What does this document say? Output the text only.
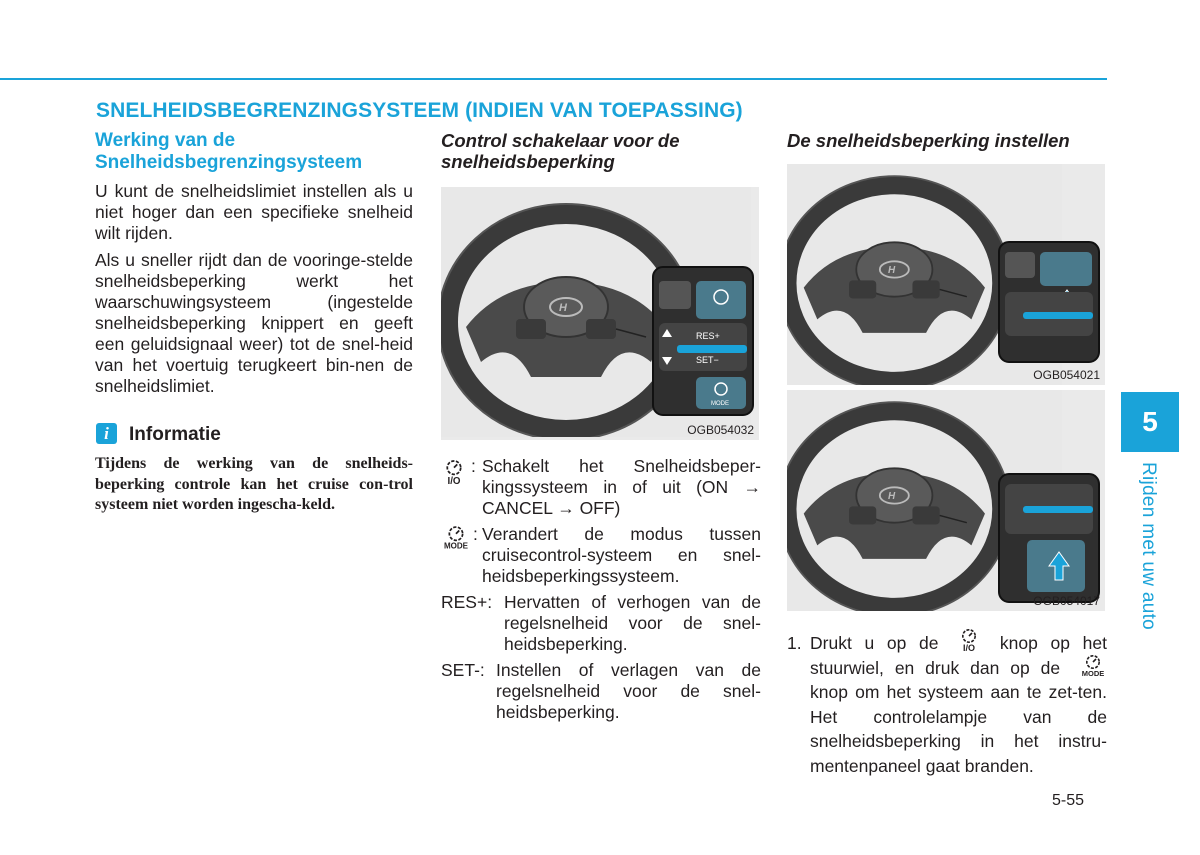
SNELHEIDSBEGRENZINGSYSTEEM (INDIEN VAN TOEPASSING)
Werking van de Snelheidsbegrenzingsysteem

U kunt de snelheidslimiet instellen als u niet hoger dan een specifieke snelheid wilt rijden.

Als u sneller rijdt dan de vooringe-stelde snelheidsbeperking werkt het waarschuwingsysteem (ingestelde snelheidsbeperking knippert en geeft een geluidsignaal weer) tot de snel-heid van het voertuig terugkeert bin-nen de snelheidslimiet.

i	Informatie
Tijdens de werking van de snelheids-beperking controle kan het cruise con-trol systeem niet worden ingescha-keld.
Control schakelaar voor de snelheidsbeperking
RES+
SET−
MODE
OGB054032
: Schakelt het Snelheidsbeper-kingssysteem in of uit (ON → CANCEL → OFF)
: Verandert de modus tussen cruisecontrol-systeem en snel-heidsbeperkingssysteem.
RES+: Hervatten of verhogen van de regelsnelheid voor de snel-heidsbeperking.
SET-: Instellen of verlagen van de regelsnelheid voor de snel-heidsbeperking.
De snelheidsbeperking instellen
OGB054021
OGB054017
1. Drukt u op de	knop op het stuurwiel, en druk dan op de  knop om het systeem aan te zet-ten. Het controlelampje van de snelheidsbeperking in het instru-mentenpaneel gaat branden.
5
Rijden met uw auto
5-55
